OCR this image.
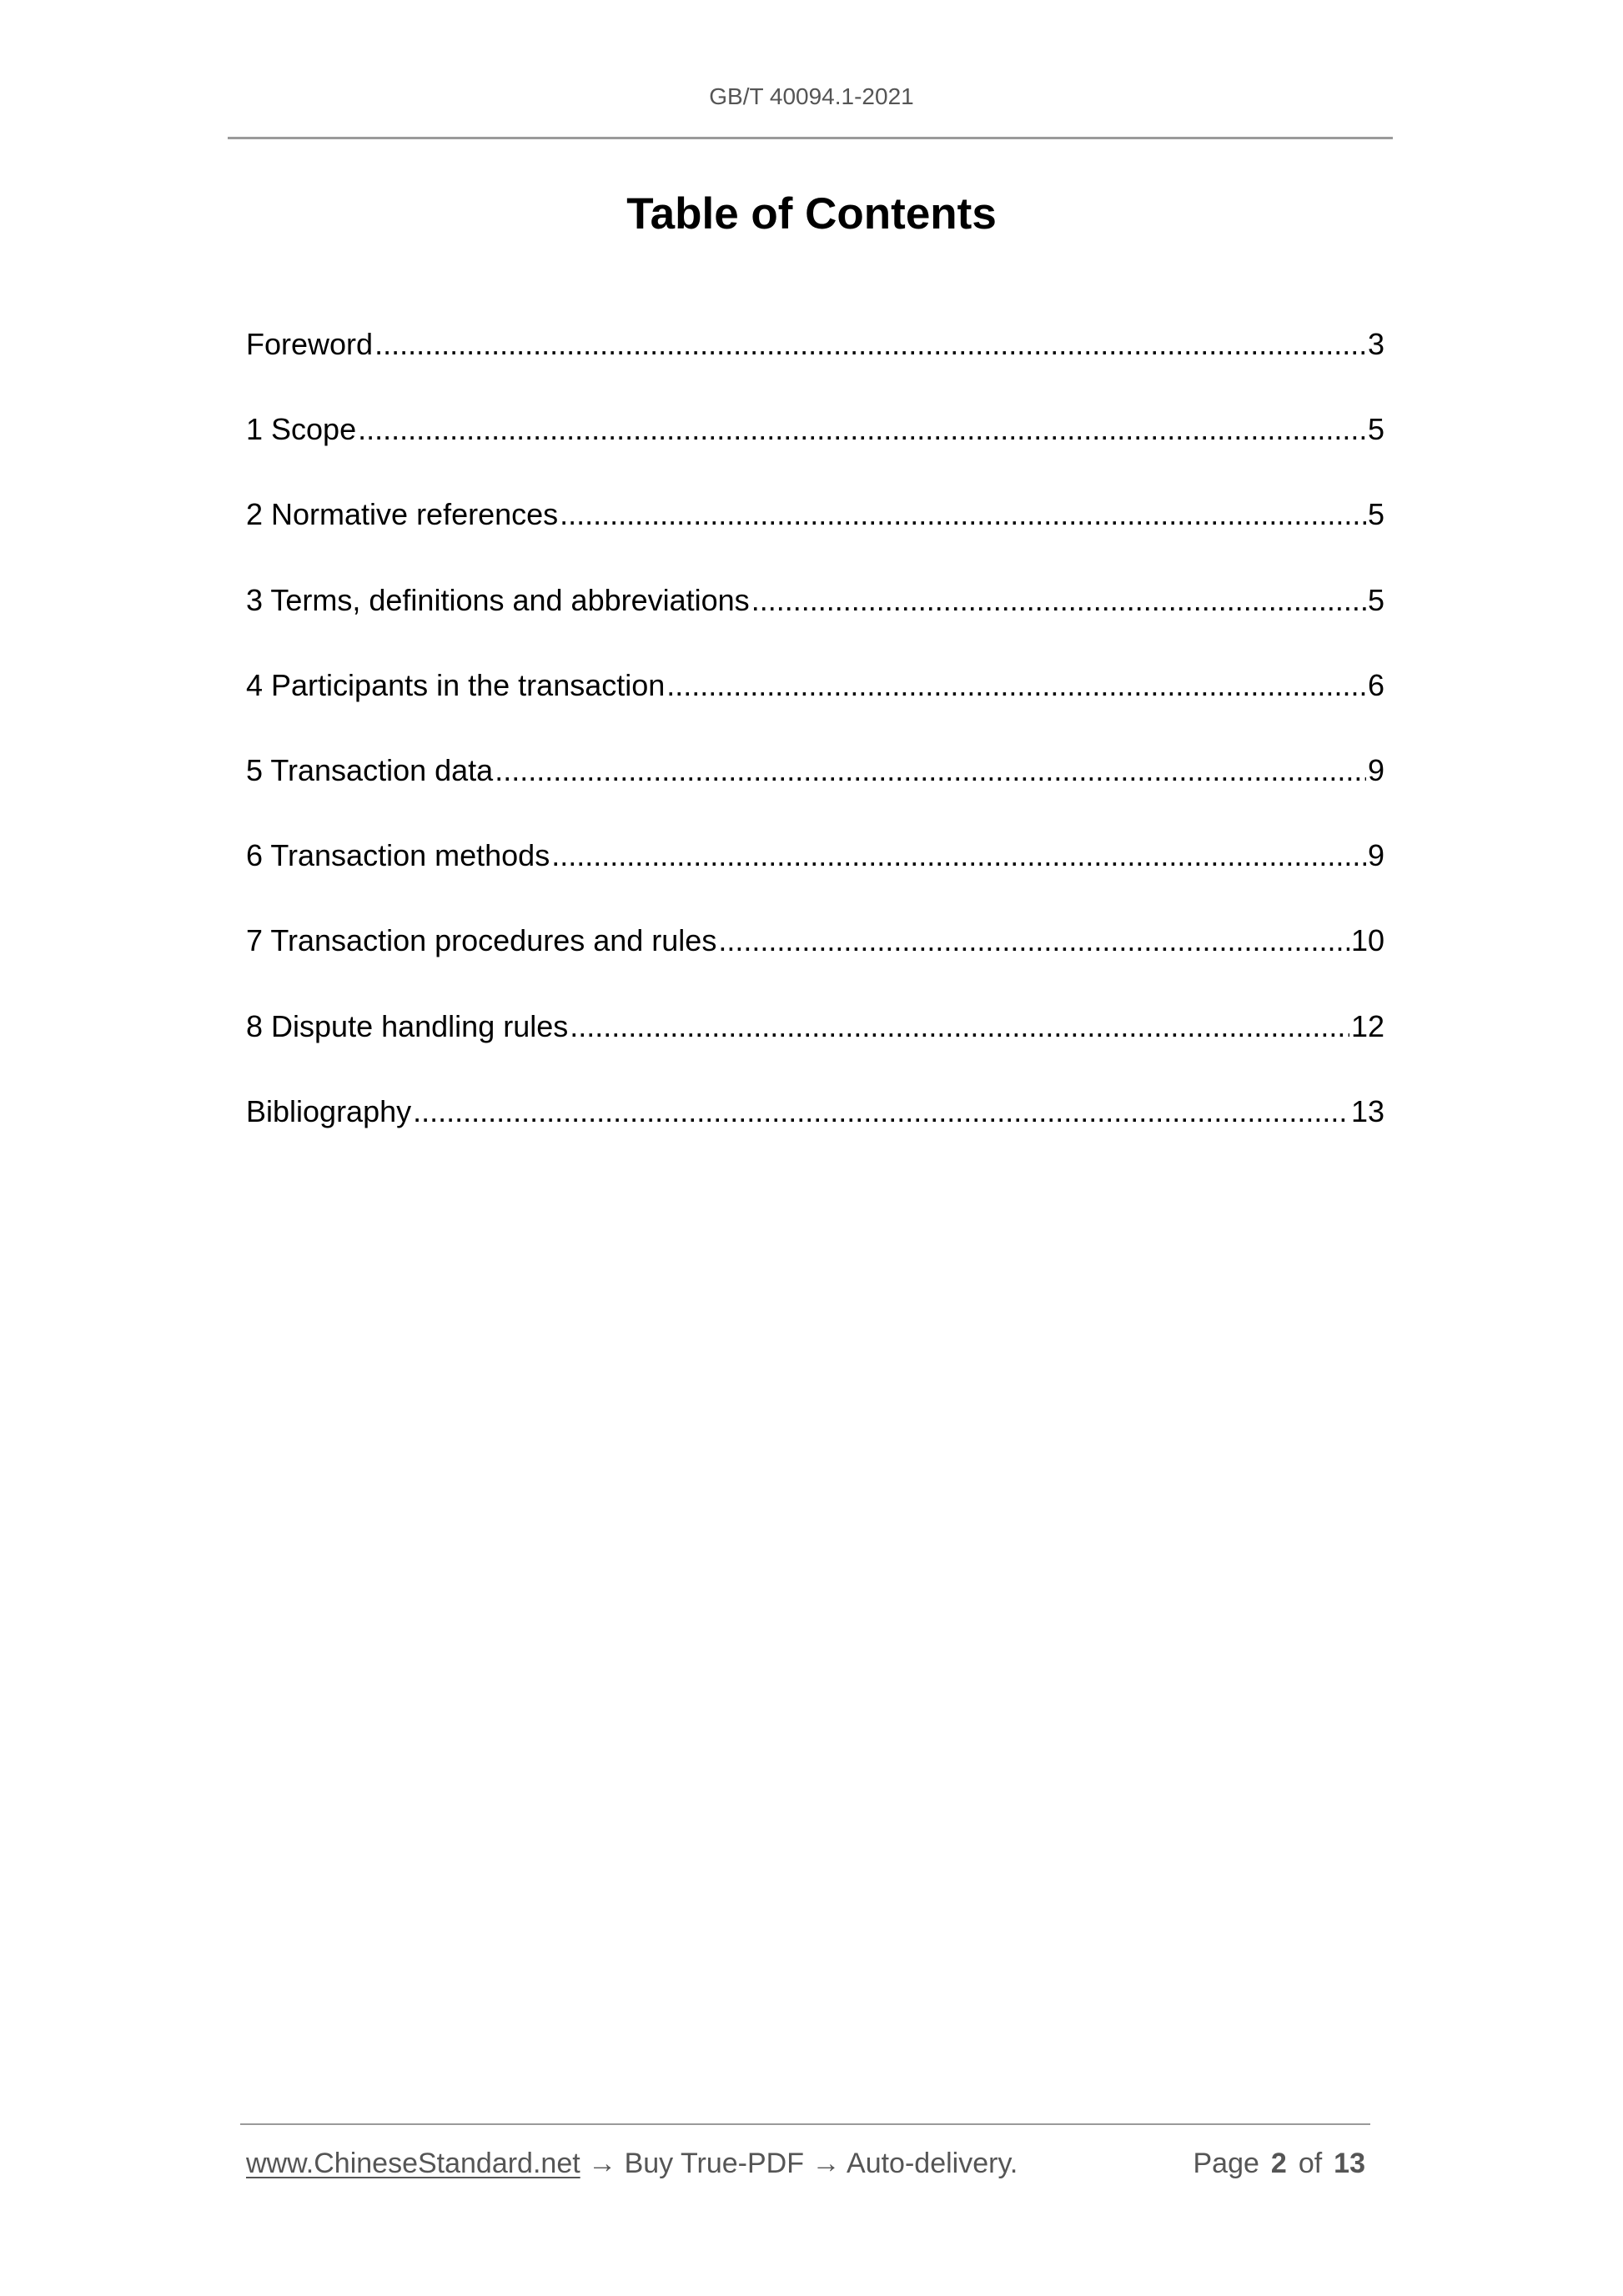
GB/T 40094.1-2021
Table of Contents
Foreword .....	3
1 Scope .....	5
2 Normative references .....	5
3 Terms, definitions and abbreviations .....	5
4 Participants in the transaction .....	6
5 Transaction data .....	9
6 Transaction methods .....	9
7 Transaction procedures and rules .....	10
8 Dispute handling rules .....	12
Bibliography .....	13
www.ChineseStandard.net → Buy True-PDF → Auto-delivery.	Page 2 of 13
